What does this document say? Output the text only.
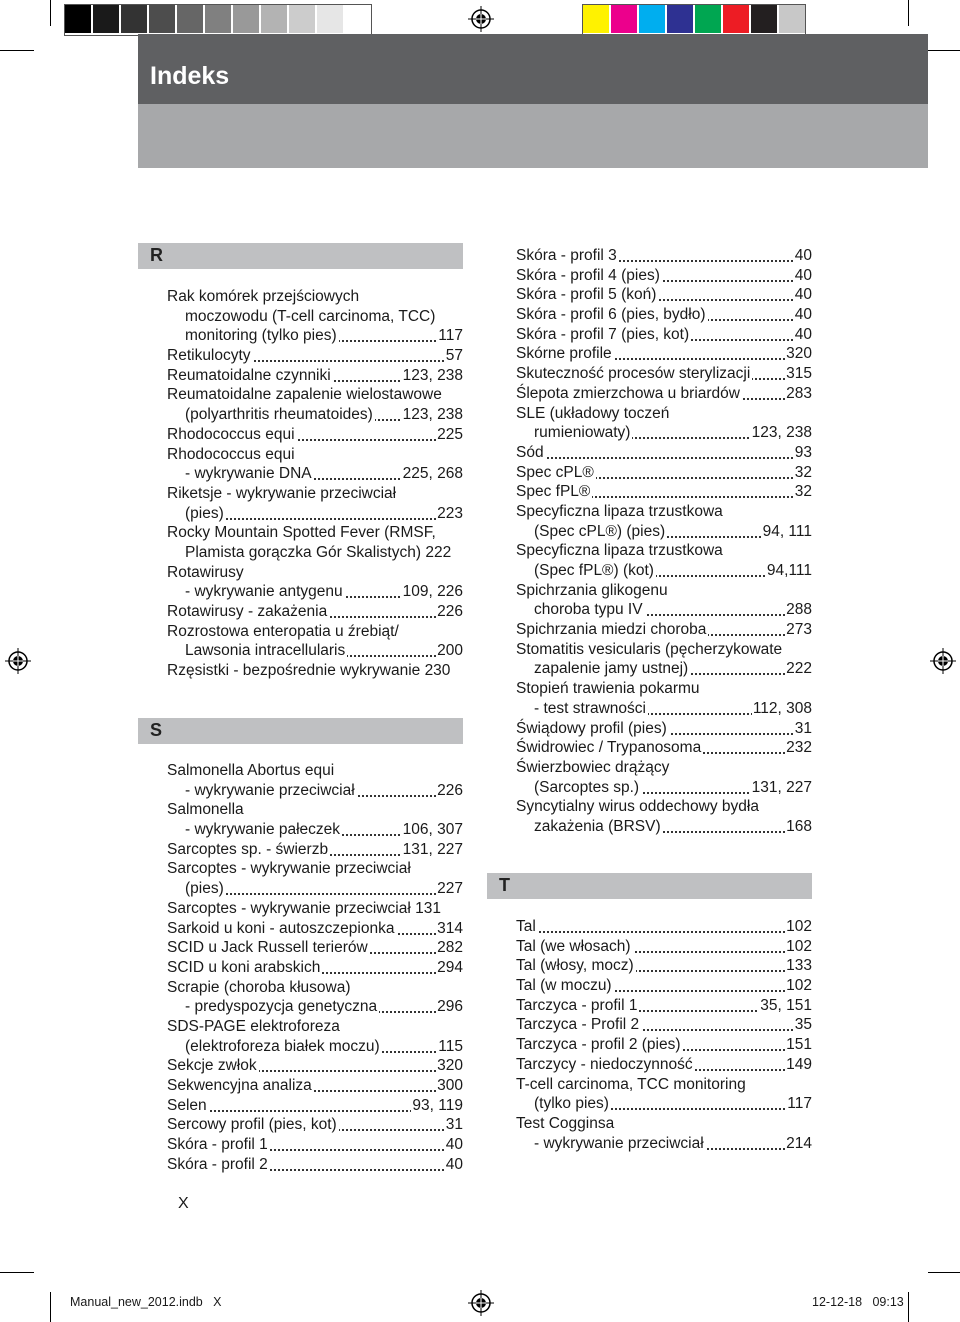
Indeks
R
S
T
Rak komórek przejściowych
moczowodu (T-cell carcinoma, TCC)
monitoring (tylko pies)	117
Retikulocyty	57
Reumatoidalne czynniki	123, 238
Reumatoidalne zapalenie wielostawowe
(polyarthritis rheumatoides) 123, 238
Rhodococcus equi	225
Rhodococcus equi
- wykrywanie DNA	225, 268
Riketsje - wykrywanie przeciwciał
(pies)	223
Rocky Mountain Spotted Fever (RMSF,
Plamista gorączka Gór Skalistych) 222
Rotawirusy
- wykrywanie antygenu	109, 226
Rotawirusy - zakażenia	226
Rozrostowa enteropatia u źrebiąt/
Lawsonia intracellularis	200
Rzęsistki - bezpośrednie wykrywanie 230
Salmonella Abortus equi
- wykrywanie przeciwciał	226
Salmonella
- wykrywanie pałeczek	106, 307
Sarcoptes sp. - świerzb	131, 227
Sarcoptes - wykrywanie przeciwciał
(pies)	227
Sarcoptes - wykrywanie przeciwciał 131
Sarkoid u koni - autoszczepionka	314
SCID u Jack Russell terierów	282
SCID u koni arabskich	294
Scrapie (choroba kłusowa)
- predyspozycja genetyczna	296
SDS-PAGE elektroforeza
(elektroforeza białek moczu)	115
Sekcje zwłok	320
Sekwencyjna analiza	300
Selen	93, 119
Sercowy profil (pies, kot)	31
Skóra - profil 1	40
Skóra - profil 2	40
Skóra - profil 3	40
Skóra - profil 4 (pies)	40
Skóra - profil 5 (koń)	40
Skóra - profil 6 (pies, bydło)	40
Skóra - profil 7 (pies, kot)	40
Skórne profile	320
Skuteczność procesów sterylizacji 315
Ślepota zmierzchowa u briardów	283
SLE (układowy toczeń
rumieniowaty)	123, 238
Sód	93
Spec cPL®	32
Spec fPL®	32
Specyficzna lipaza trzustkowa
(Spec cPL®) (pies)	94, 111
Specyficzna lipaza trzustkowa
(Spec fPL®) (kot)	94,111
Spichrzania glikogenu
choroba typu IV	288
Spichrzania miedzi choroba	273
Stomatitis vesicularis (pęcherzykowate
zapalenie jamy ustnej)	222
Stopień trawienia pokarmu
- test strawności	112, 308
Świądowy profil (pies)	31
Świdrowiec / Trypanosoma	232
Świerzbowiec drążący
(Sarcoptes sp.)	131, 227
Syncytialny wirus oddechowy bydła
zakażenia (BRSV)	168
Tal	102
Tal (we włosach)	102
Tal (włosy, mocz)	133
Tal (w moczu)	102
Tarczyca - profil 1	35, 151
Tarczyca - Profil 2	35
Tarczyca - profil 2 (pies)	151
Tarczycy - niedoczynność	149
T-cell carcinoma, TCC monitoring
(tylko pies)	117
Test Cogginsa
- wykrywanie przeciwciał	214
X
Manual_new_2012.indb   X	12-12-18   09:13
